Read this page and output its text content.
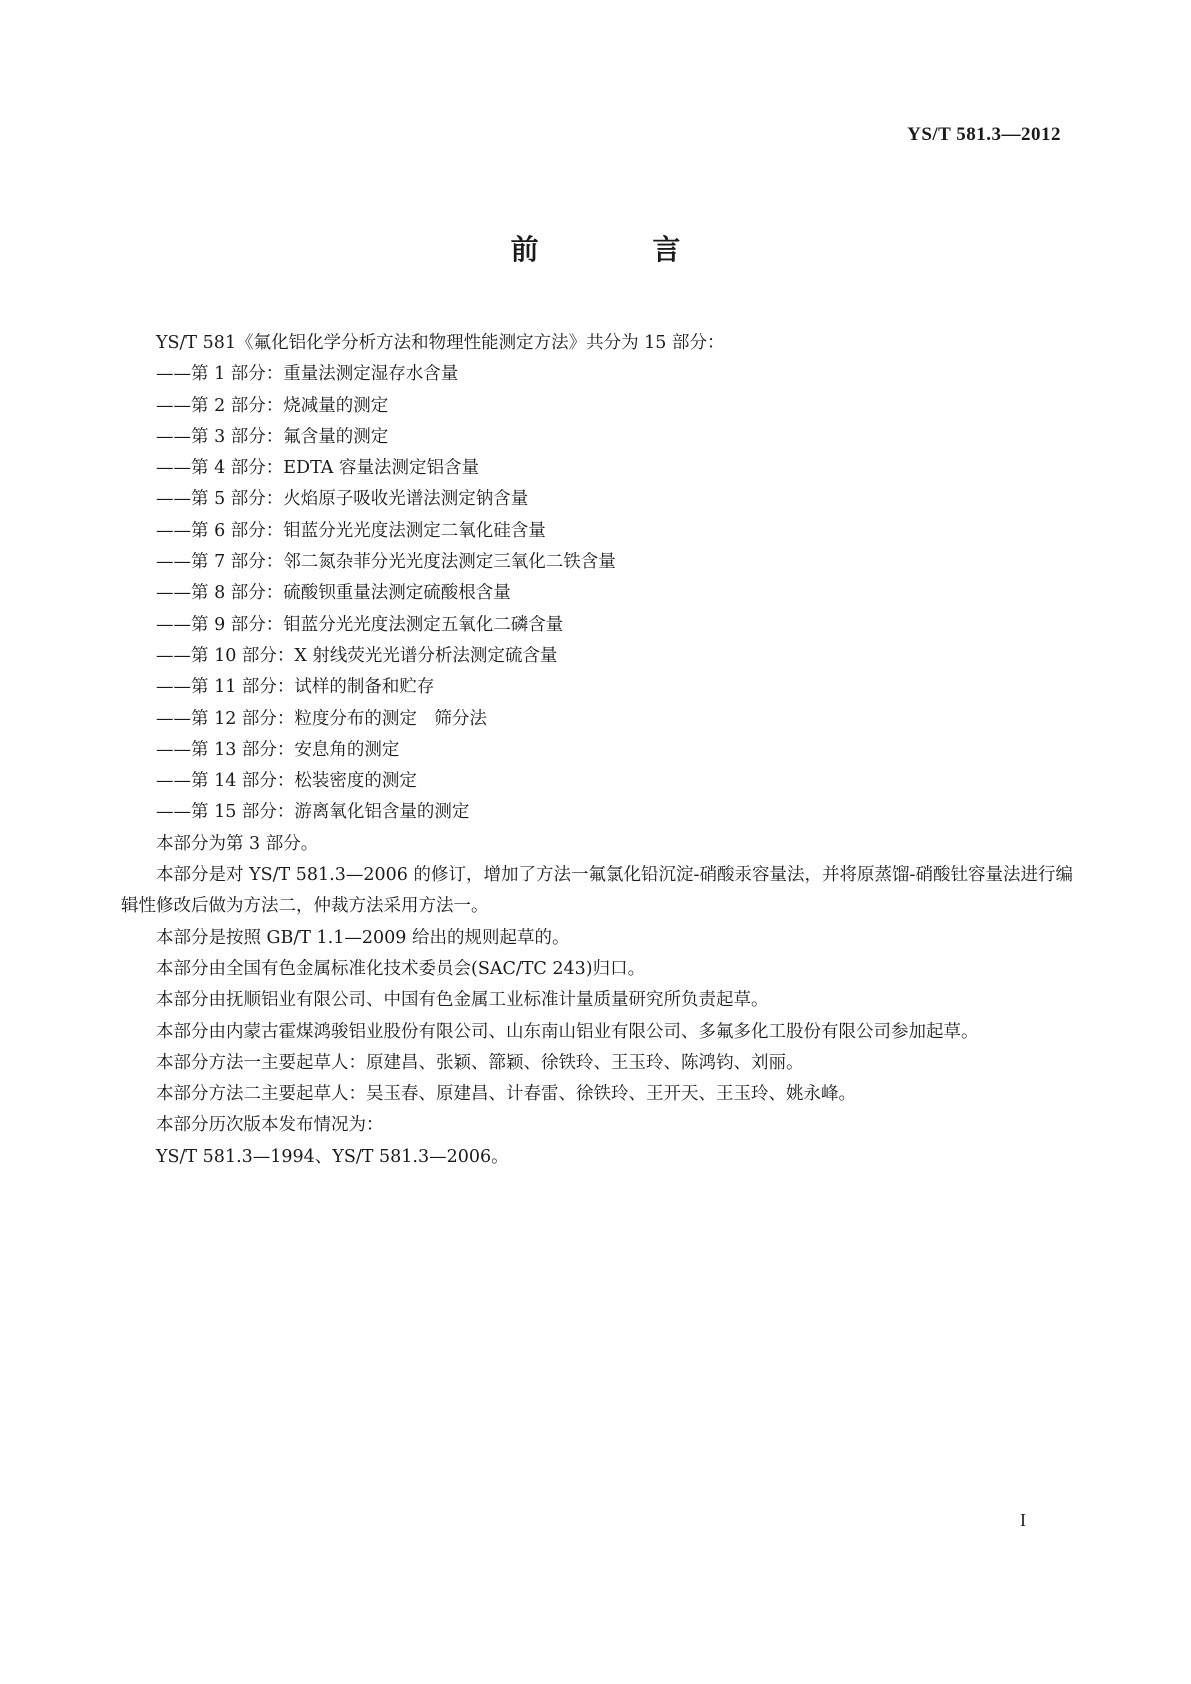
YS/T 581.3—2012
前 言

YS/T 581《氟化铝化学分析方法和物理性能测定方法》共分为 15 部分：

——第 1 部分：重量法测定湿存水含量

——第 2 部分：烧减量的测定

——第 3 部分：氟含量的测定

——第 4 部分：EDTA 容量法测定铝含量

——第 5 部分：火焰原子吸收光谱法测定钠含量

——第 6 部分：钼蓝分光光度法测定二氧化硅含量

——第 7 部分：邻二氮杂菲分光光度法测定三氧化二铁含量

——第 8 部分：硫酸钡重量法测定硫酸根含量

——第 9 部分：钼蓝分光光度法测定五氧化二磷含量

——第 10 部分：X 射线荧光光谱分析法测定硫含量

——第 11 部分：试样的制备和贮存

——第 12 部分：粒度分布的测定　筛分法

——第 13 部分：安息角的测定

——第 14 部分：松装密度的测定

——第 15 部分：游离氧化铝含量的测定

本部分为第 3 部分。

本部分是对 YS/T 581.3—2006 的修订，增加了方法一氟氯化铅沉淀-硝酸汞容量法，并将原蒸馏-硝酸钍容量法进行编辑性修改后做为方法二，仲裁方法采用方法一。

本部分是按照 GB/T 1.1—2009 给出的规则起草的。

本部分由全国有色金属标准化技术委员会(SAC/TC 243)归口。

本部分由抚顺铝业有限公司、中国有色金属工业标准计量质量研究所负责起草。

本部分由内蒙古霍煤鸿骏铝业股份有限公司、山东南山铝业有限公司、多氟多化工股份有限公司参加起草。

本部分方法一主要起草人：原建昌、张颖、篰颖、徐铁玲、王玉玲、陈鸿钧、刘丽。

本部分方法二主要起草人：吴玉春、原建昌、计春雷、徐铁玲、王开天、王玉玲、姚永峰。

本部分历次版本发布情况为：

YS/T 581.3—1994、YS/T 581.3—2006。

I
